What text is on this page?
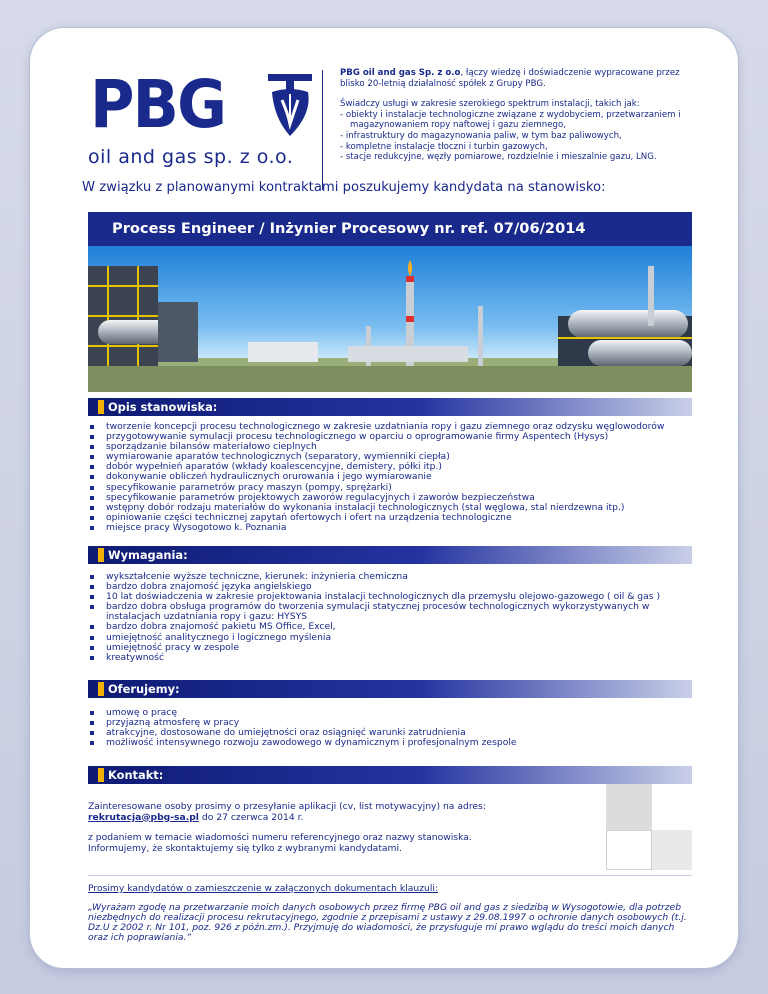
PBG
oil and gas sp. z o.o.

PBG oil and gas Sp. z o.o, łączy wiedzę i doświadczenie wypracowane przez blisko 20-letnią działalność spółek z Grupy PBG.

Świadczy usługi w zakresie szerokiego spektrum instalacji, takich jak:
- obiekty i instalacje technologiczne związane z wydobyciem, przetwarzaniem i magazynowaniem ropy naftowej i gazu ziemnego,
- infrastruktury do magazynowania paliw, w tym baz paliwowych,
- kompletne instalacje tłoczni i turbin gazowych,
- stacje redukcyjne, węzły pomiarowe, rozdzielnie i mieszalnie gazu, LNG.
W związku z planowanymi kontraktami poszukujemy kandydata na stanowisko:
Process Engineer / Inżynier Procesowy nr. ref. 07/06/2014
Opis stanowiska:
tworzenie koncepcji procesu technologicznego w zakresie uzdatniania ropy i gazu ziemnego oraz odzysku węglowodorów
przygotowywanie symulacji procesu technologicznego w oparciu o oprogramowanie firmy Aspentech (Hysys)
sporządzanie bilansów materiałowo cieplnych
wymiarowanie aparatów technologicznych (separatory, wymienniki ciepła)
dobór wypełnień aparatów (wkłady koalescencyjne, demistery, półki itp.)
dokonywanie obliczeń hydraulicznych orurowania i jego wymiarowanie
specyfikowanie parametrów pracy maszyn (pompy, sprężarki)
specyfikowanie parametrów projektowych zaworów regulacyjnych i zaworów bezpieczeństwa
wstępny dobór rodzaju materiałów do wykonania instalacji technologicznych (stal węglowa, stal nierdzewna itp.)
opiniowanie części technicznej zapytań ofertowych i ofert na urządzenia technologiczne
miejsce pracy Wysogotowo k. Poznania
Wymagania:
wykształcenie wyższe techniczne, kierunek: inżynieria chemiczna
bardzo dobra znajomość języka angielskiego
10 lat doświadczenia w zakresie projektowania instalacji technologicznych dla przemysłu olejowo-gazowego ( oil & gas )
bardzo dobra obsługa programów do tworzenia symulacji statycznej procesów technologicznych wykorzystywanych w instalacjach uzdatniania ropy i gazu: HYSYS
bardzo dobra znajomość pakietu MS Office, Excel,
umiejętność analitycznego i logicznego myślenia
umiejętność pracy w zespole
kreatywność
Oferujemy:
umowę o pracę
przyjazną atmosferę w pracy
atrakcyjne, dostosowane do umiejętności oraz osiągnięć warunki zatrudnienia
możliwość intensywnego rozwoju zawodowego w dynamicznym i profesjonalnym zespole
Kontakt:

Zainteresowane osoby prosimy o przesyłanie aplikacji (cv, list motywacyjny) na adres:

rekrutacja@pbg-sa.pl do 27 czerwca 2014 r.

z podaniem w temacie wiadomości numeru referencyjnego oraz nazwy stanowiska.

Informujemy, że skontaktujemy się tylko z wybranymi kandydatami.

Prosimy kandydatów o zamieszczenie w załączonych dokumentach klauzuli:

„Wyrażam zgodę na przetwarzanie moich danych osobowych przez firmę PBG oil and gas z siedzibą w Wysogotowie, dla potrzeb niezbędnych do realizacji procesu rekrutacyjnego, zgodnie z przepisami z ustawy z 29.08.1997 o ochronie danych osobowych (t.j. Dz.U z 2002 r. Nr 101, poz. 926 z późn.zm.). Przyjmuję do wiadomości, że przysługuje mi prawo wglądu do treści moich danych oraz ich poprawiania.”
